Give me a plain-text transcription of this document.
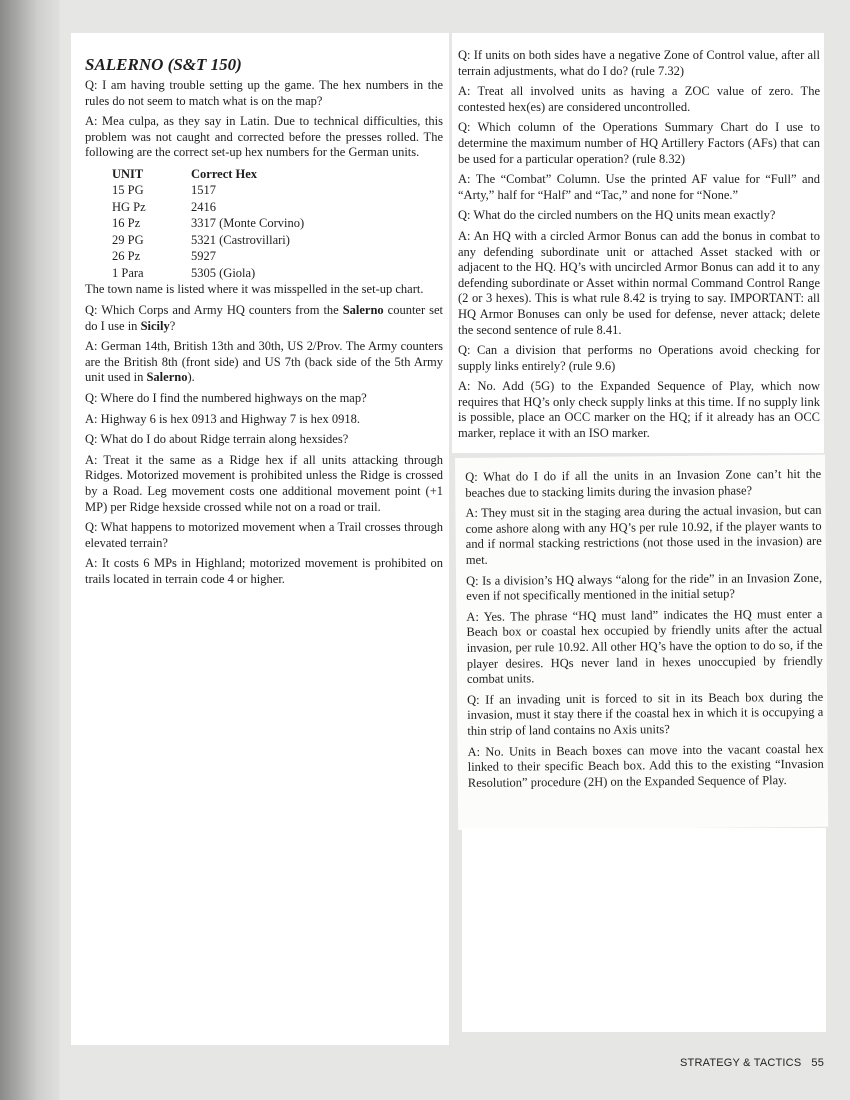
SALERNO (S&T 150)

Q: I am having trouble setting up the game. The hex numbers in the rules do not seem to match what is on the map?

A: Mea culpa, as they say in Latin. Due to technical difficulties, this problem was not caught and corrected before the presses rolled. The following are the correct set-up hex numbers for the German units.

UNIT	Correct Hex
15 PG	1517
HG Pz	2416
16 Pz	3317 (Monte Corvino)
29 PG	5321 (Castrovillari)
26 Pz	5927
1 Para	5305 (Giola)

The town name is listed where it was misspelled in the set-up chart.

Q: Which Corps and Army HQ counters from the Salerno counter set do I use in Sicily?

A: German 14th, British 13th and 30th, US 2/Prov. The Army counters are the British 8th (front side) and US 7th (back side of the 5th Army unit used in Salerno).

Q: Where do I find the numbered highways on the map?

A: Highway 6 is hex 0913 and Highway 7 is hex 0918.

Q: What do I do about Ridge terrain along hexsides?

A: Treat it the same as a Ridge hex if all units attacking through Ridges. Motorized movement is prohibited unless the Ridge is crossed by a Road. Leg movement costs one additional movement point (+1 MP) per Ridge hexside crossed while not on a road or trail.

Q: What happens to motorized movement when a Trail crosses through elevated terrain?

A: It costs 6 MPs in Highland; motorized movement is prohibited on trails located in terrain code 4 or higher.

Q: If units on both sides have a negative Zone of Control value, after all terrain adjustments, what do I do? (rule 7.32)

A: Treat all involved units as having a ZOC value of zero. The contested hex(es) are considered uncontrolled.

Q: Which column of the Operations Summary Chart do I use to determine the maximum number of HQ Artillery Factors (AFs) that can be used for a particular operation? (rule 8.32)

A: The “Combat” Column. Use the printed AF value for “Full” and “Arty,” half for “Half” and “Tac,” and none for “None.”

Q: What do the circled numbers on the HQ units mean exactly?

A: An HQ with a circled Armor Bonus can add the bonus in combat to any defending subordinate unit or attached Asset stacked with or adjacent to the HQ. HQ’s with uncircled Armor Bonus can add it to any defending subordinate or Asset within normal Command Control Range (2 or 3 hexes). This is what rule 8.42 is trying to say. IMPORTANT: all HQ Armor Bonuses can only be used for defense, never attack; delete the second sentence of rule 8.41.

Q: Can a division that performs no Operations avoid checking for supply links entirely? (rule 9.6)

A: No. Add (5G) to the Expanded Sequence of Play, which now requires that HQ’s only check supply links at this time. If no supply link is possible, place an OCC marker on the HQ; if it already has an OCC marker, replace it with an ISO marker.

Q: What do I do if all the units in an Invasion Zone can’t hit the beaches due to stacking limits during the invasion phase?

A: They must sit in the staging area during the actual invasion, but can come ashore along with any HQ’s per rule 10.92, if the player wants to and if normal stacking restrictions (not those used in the invasion) are met.

Q: Is a division’s HQ always “along for the ride” in an Invasion Zone, even if not specifically mentioned in the initial setup?

A: Yes. The phrase “HQ must land” indicates the HQ must enter a Beach box or coastal hex occupied by friendly units after the actual invasion, per rule 10.92. All other HQ’s have the option to do so, if the player desires. HQs never land in hexes unoccupied by friendly combat units.

Q: If an invading unit is forced to sit in its Beach box during the invasion, must it stay there if the coastal hex in which it is occupying a thin strip of land contains no Axis units?

A: No. Units in Beach boxes can move into the vacant coastal hex linked to their specific Beach box. Add this to the existing “Invasion Resolution” procedure (2H) on the Expanded Sequence of Play.

STRATEGY & TACTICS 55
